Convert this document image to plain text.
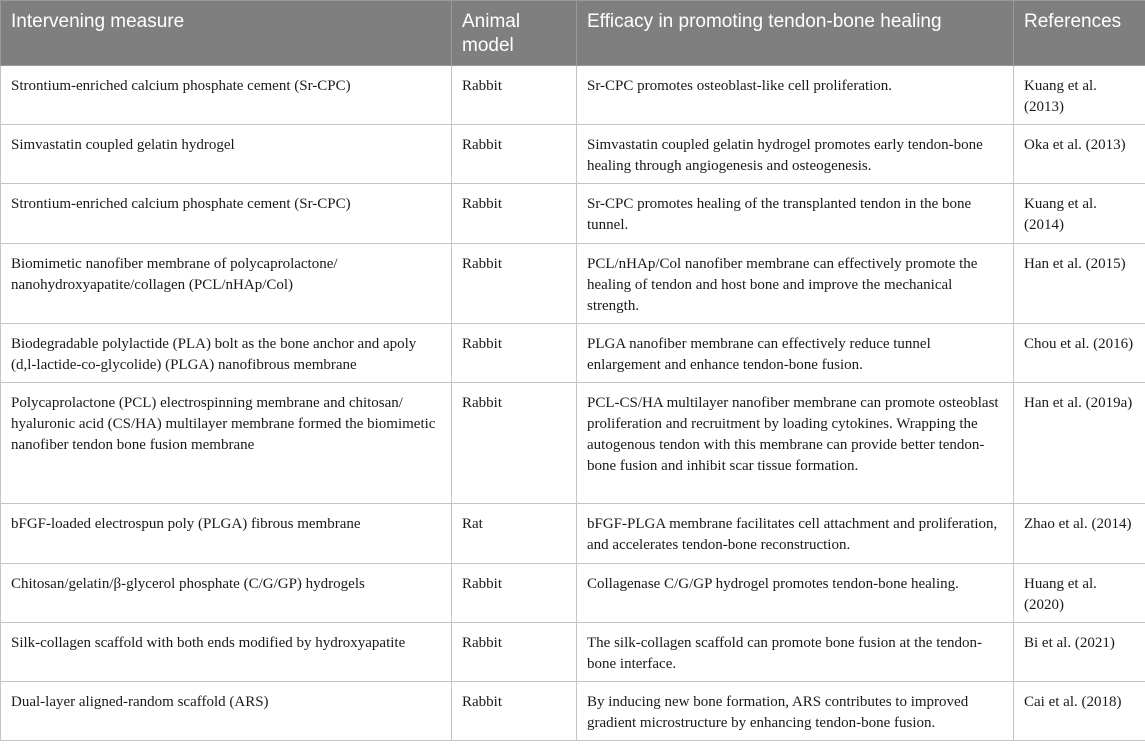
Intervening measure	Animal model	Efficacy in promoting tendon-bone healing	References
Strontium-enriched calcium phosphate cement (Sr-CPC)	Rabbit	Sr-CPC promotes osteoblast-like cell proliferation.	Kuang et al. (2013)
Simvastatin coupled gelatin hydrogel	Rabbit	Simvastatin coupled gelatin hydrogel promotes early tendon-bone healing through angiogenesis and osteogenesis.	Oka et al. (2013)
Strontium-enriched calcium phosphate cement (Sr-CPC)	Rabbit	Sr-CPC promotes healing of the transplanted tendon in the bone tunnel.	Kuang et al. (2014)
Biomimetic nanofiber membrane of polycaprolactone/ nanohydroxyapatite/collagen (PCL/nHAp/Col)	Rabbit	PCL/nHAp/Col nanofiber membrane can effectively promote the healing of tendon and host bone and improve the mechanical strength.	Han et al. (2015)
Biodegradable polylactide (PLA) bolt as the bone anchor and apoly (d,l-lactide-co-glycolide) (PLGA) nanofibrous membrane	Rabbit	PLGA nanofiber membrane can effectively reduce tunnel enlargement and enhance tendon-bone fusion.	Chou et al. (2016)
Polycaprolactone (PCL) electrospinning membrane and chitosan/ hyaluronic acid (CS/HA) multilayer membrane formed the biomimetic nanofiber tendon bone fusion membrane	Rabbit	PCL-CS/HA multilayer nanofiber membrane can promote osteoblast proliferation and recruitment by loading cytokines. Wrapping the autogenous tendon with this membrane can provide better tendon-bone fusion and inhibit scar tissue formation.	Han et al. (2019a)
bFGF-loaded electrospun poly (PLGA) fibrous membrane	Rat	bFGF-PLGA membrane facilitates cell attachment and proliferation, and accelerates tendon-bone reconstruction.	Zhao et al. (2014)
Chitosan/gelatin/β-glycerol phosphate (C/G/GP) hydrogels	Rabbit	Collagenase C/G/GP hydrogel promotes tendon-bone healing.	Huang et al. (2020)
Silk-collagen scaffold with both ends modified by hydroxyapatite	Rabbit	The silk-collagen scaffold can promote bone fusion at the tendon-bone interface.	Bi et al. (2021)
Dual-layer aligned-random scaffold (ARS)	Rabbit	By inducing new bone formation, ARS contributes to improved gradient microstructure by enhancing tendon-bone fusion.	Cai et al. (2018)
